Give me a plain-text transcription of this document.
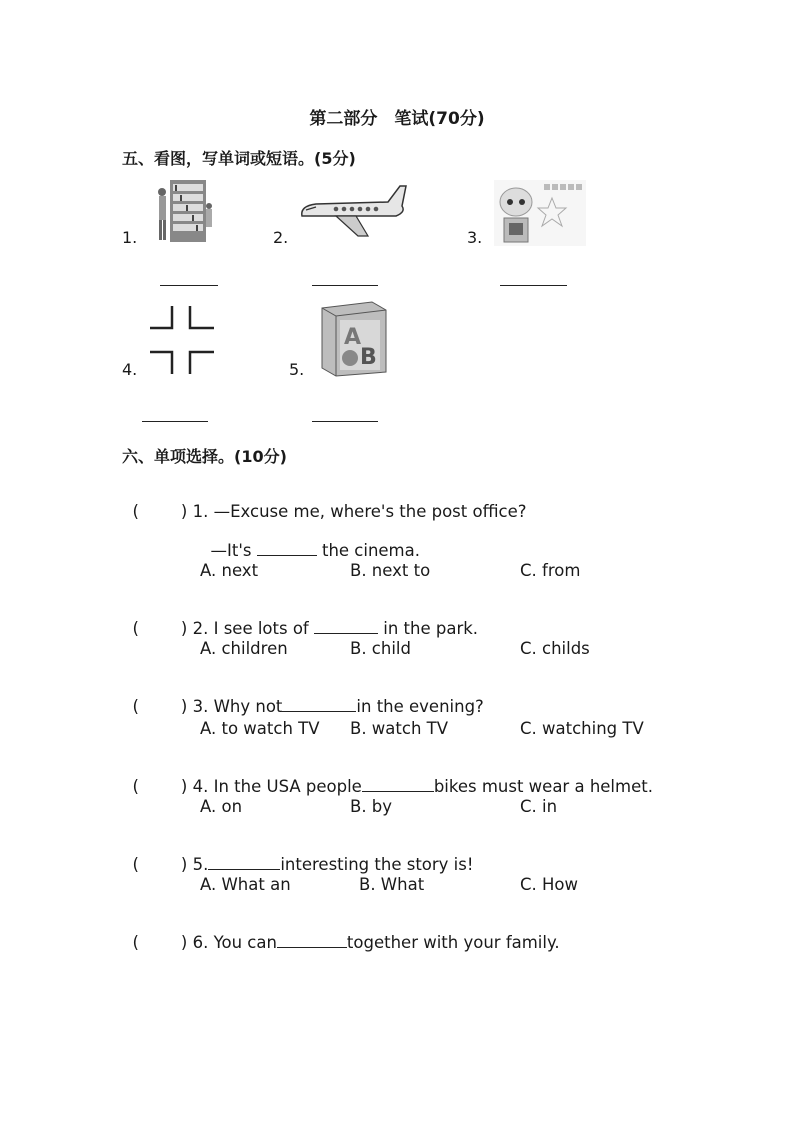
第二部分　笔试(70分)
五、看图，写单词或短语。(5分)
1.	2.	3.
4.	5.
A
B
六、单项选择。(10分)

(        ) 1. —Excuse me, where's the post office?

—It's	the cinema.

A. next	B. next to	C. from

(        ) 2. I see lots of	in the park.

A. children	B. child	C. childs

(        ) 3. Why not	in the evening?

A. to watch TV B. watch TV	C. watching TV

(        ) 4. In the USA people	bikes must wear a helmet.

A. on	B. by	C. in

(        ) 5.	interesting the story is!

A. What an	B. What	C. How

(        ) 6. You can	together with your family.
